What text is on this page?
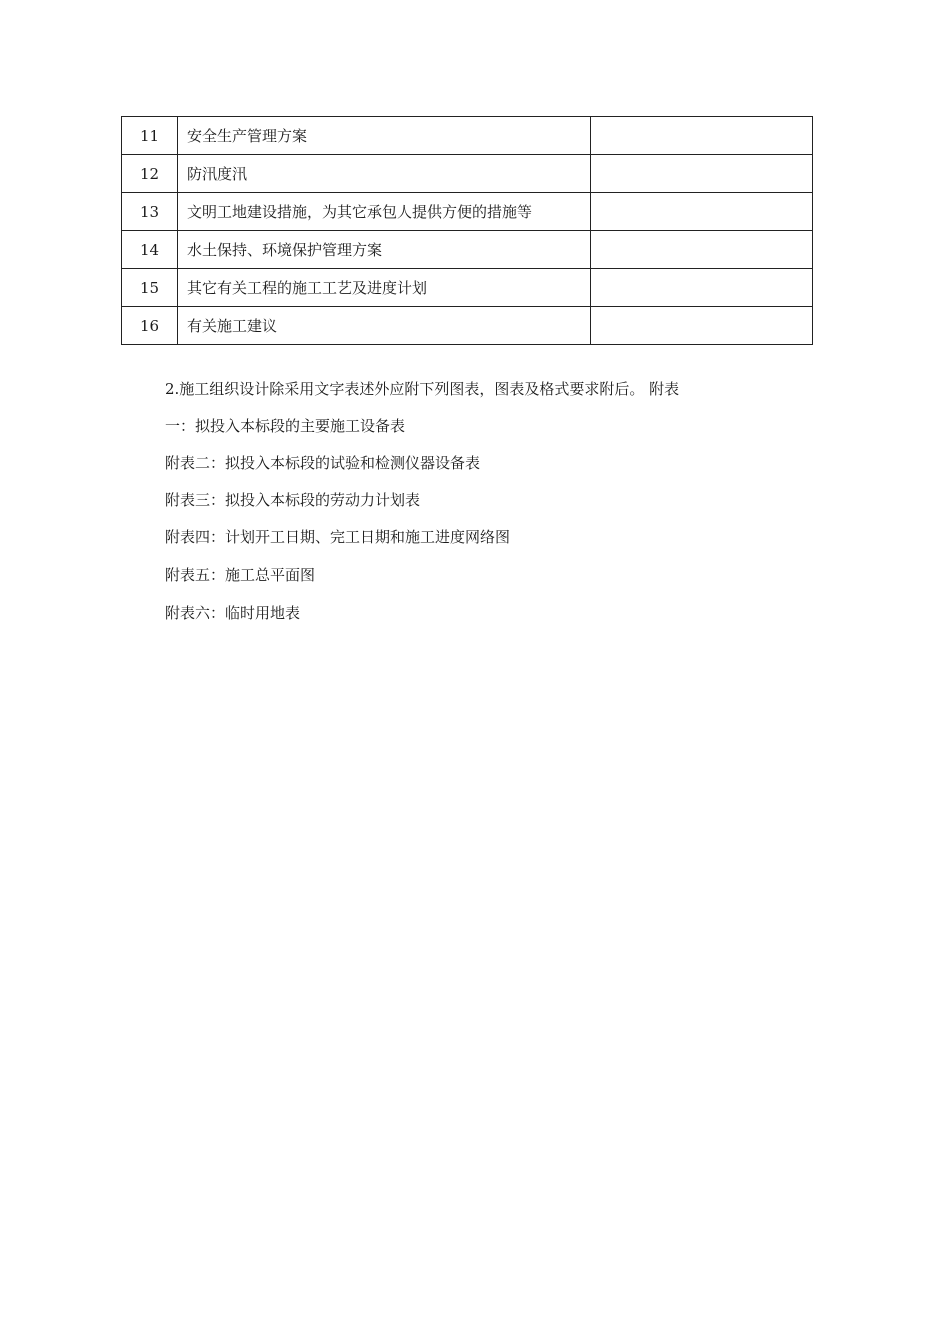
11	安全生产管理方案	
12	防汛度汛	
13	文明工地建设措施，为其它承包人提供方便的措施等	
14	水土保持、环境保护管理方案	
15	其它有关工程的施工工艺及进度计划	
16	有关施工建议	
2.施工组织设计除采用文字表述外应附下列图表，图表及格式要求附后。 附表
一：拟投入本标段的主要施工设备表
附表二：拟投入本标段的试验和检测仪器设备表
附表三：拟投入本标段的劳动力计划表
附表四：计划开工日期、完工日期和施工进度网络图
附表五：施工总平面图
附表六：临时用地表
